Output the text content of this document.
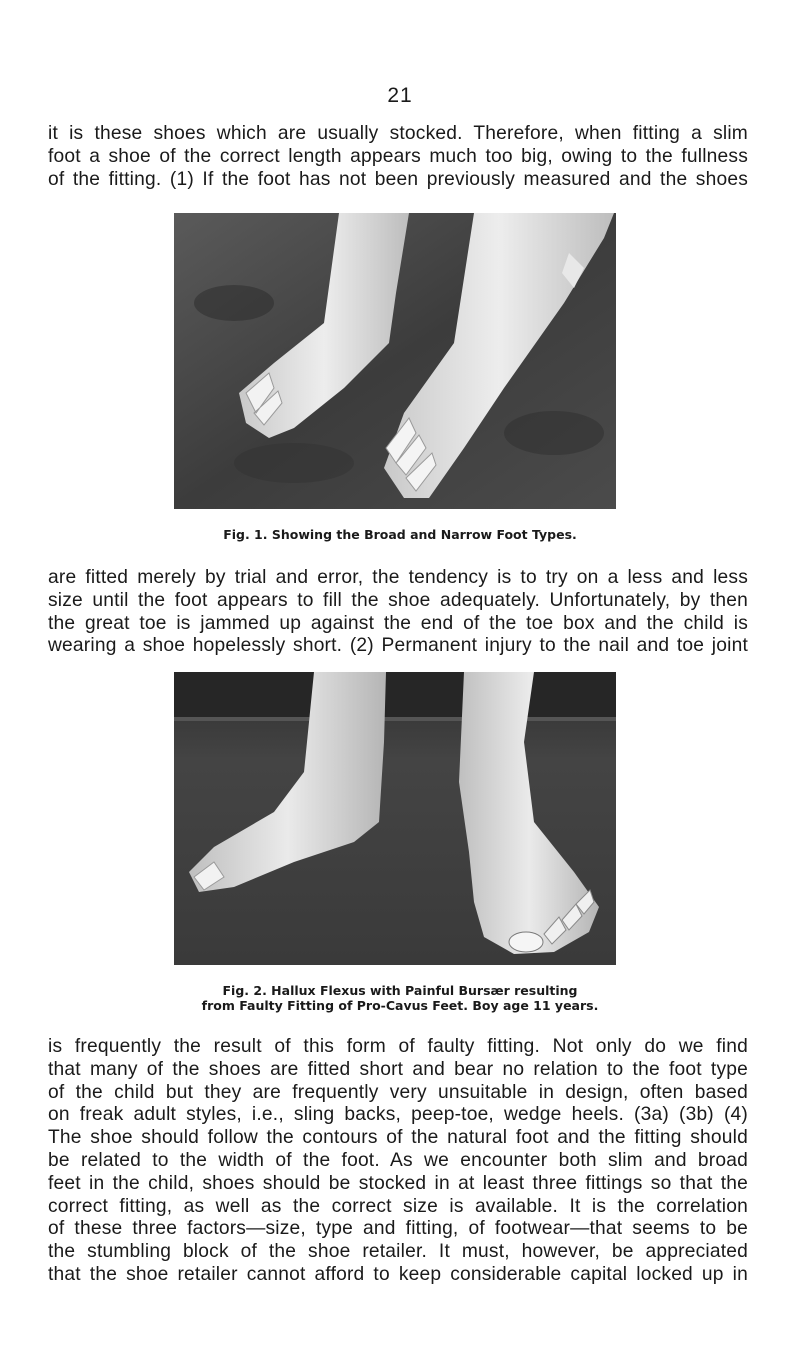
21

it is these shoes which are usually stocked. Therefore, when fitting a slim
foot a shoe of the correct length appears much too big, owing to the fullness
of the fitting. (1) If the foot has not been previously measured and the shoes

Fig. 1. Showing the Broad and Narrow Foot Types.

are fitted merely by trial and error, the tendency is to try on a less and less
size until the foot appears to fill the shoe adequately. Unfortunately, by then
the great toe is jammed up against the end of the toe box and the child is
wearing a shoe hopelessly short. (2) Permanent injury to the nail and toe joint

Fig. 2. Hallux Flexus with Painful Bursær resulting
from Faulty Fitting of Pro-Cavus Feet. Boy age 11 years.

is frequently the result of this form of faulty fitting. Not only do we find
that many of the shoes are fitted short and bear no relation to the foot type
of the child but they are frequently very unsuitable in design, often based
on freak adult styles, i.e., sling backs, peep-toe, wedge heels. (3a) (3b) (4)
The shoe should follow the contours of the natural foot and the fitting should
be related to the width of the foot. As we encounter both slim and broad
feet in the child, shoes should be stocked in at least three fittings so that the
correct fitting, as well as the correct size is available. It is the correlation
of these three factors—size, type and fitting, of footwear—that seems to be
the stumbling block of the shoe retailer. It must, however, be appreciated
that the shoe retailer cannot afford to keep considerable capital locked up in
